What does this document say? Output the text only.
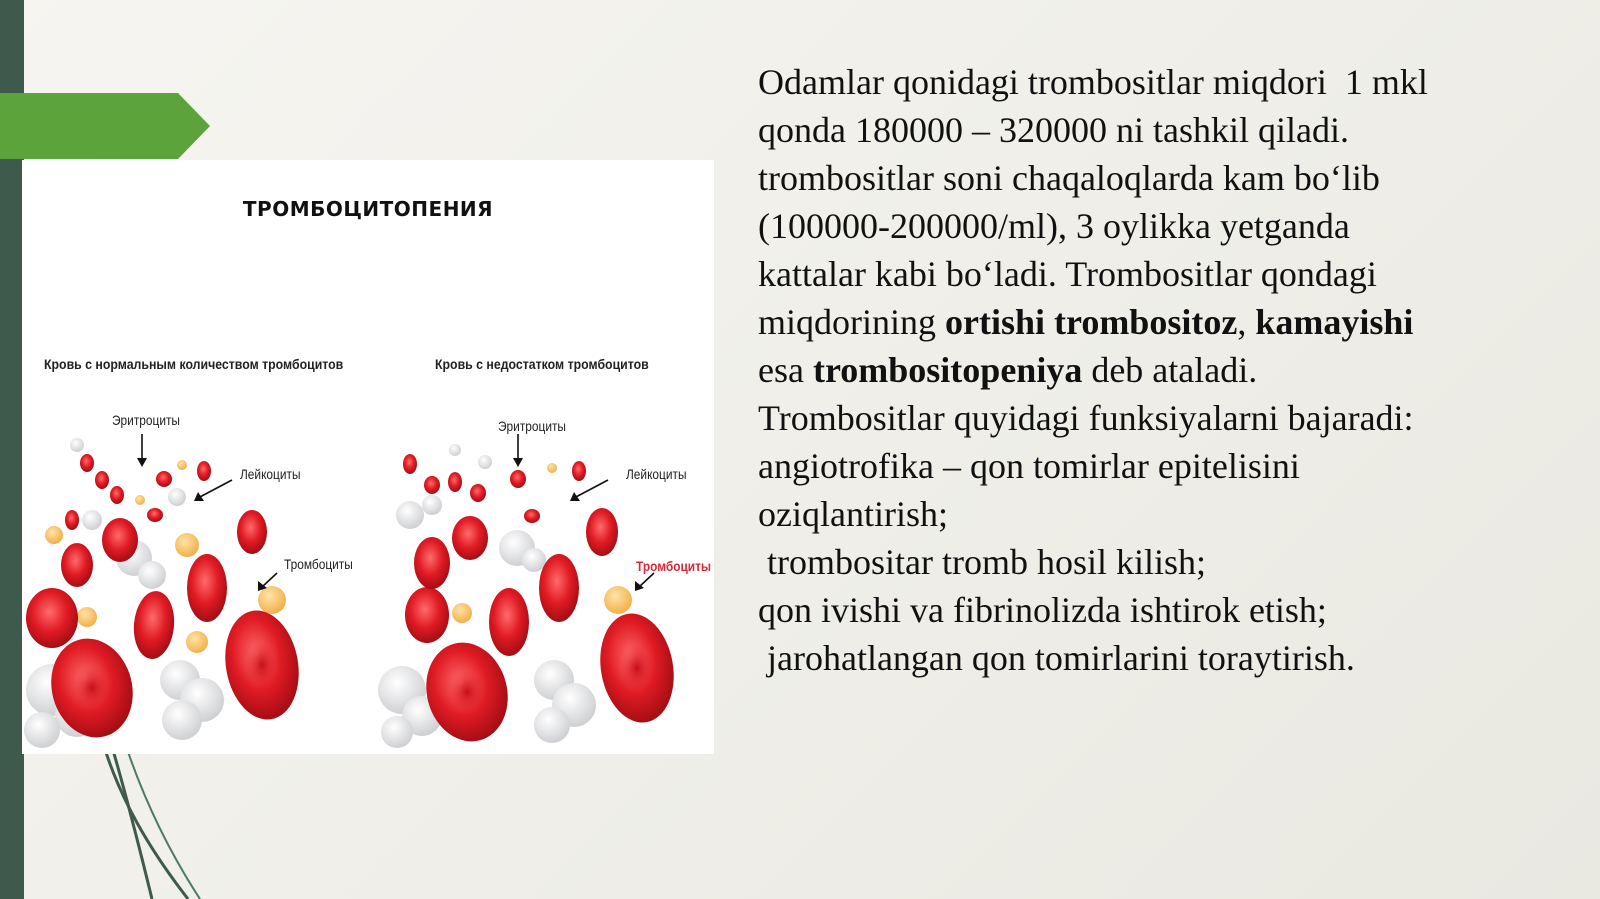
ТРОМБОЦИТОПЕНИЯ
Кровь с нормальным количеством тромбоцитов	Кровь с недостатком тромбоцитов
Эритроциты
Лейкоциты
Тромбоциты
Эритроциты
Лейкоциты
Тромбоциты
Odamlar qonidagi trombositlar miqdori  1 mkl
qonda 180000 – 320000 ni tashkil qiladi.
trombositlar soni chaqaloqlarda kam bo‘lib
(100000-200000/ml), 3 oylikka yetganda
kattalar kabi bo‘ladi. Trombositlar qondagi
miqdorining ortishi trombositoz, kamayishi
esa trombositopeniya deb ataladi.
Trombositlar quyidagi funksiyalarni bajaradi:
angiotrofika – qon tomirlar epitelisini
oziqlantirish;
trombositar tromb hosil kilish;
qon ivishi va fibrinolizda ishtirok etish;
jarohatlangan qon tomirlarini toraytirish.
